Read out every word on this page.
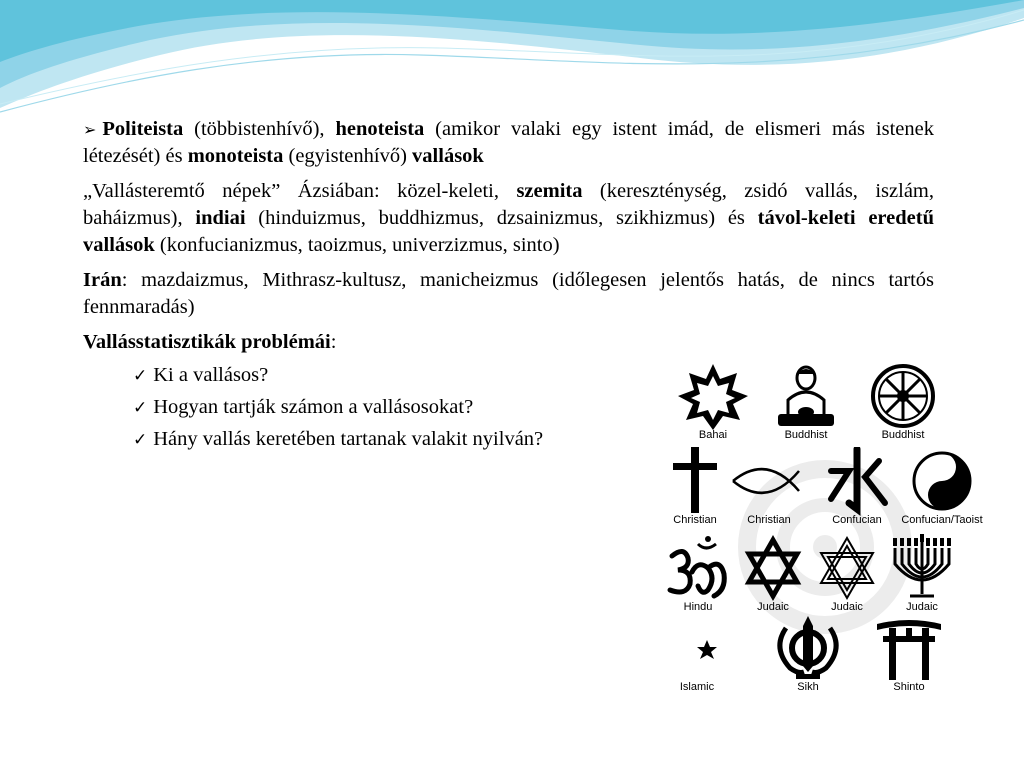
➢ Politeista (többistenhívő), henoteista (amikor valaki egy istent imád, de elismeri más istenek létezését) és monoteista (egyistenhívő) vallások

„Vallásteremtő népek” Ázsiában: közel-keleti, szemita (kereszténység, zsidó vallás, iszlám, baháizmus), indiai (hinduizmus, buddhizmus, dzsainizmus, szikhizmus) és távol-keleti eredetű vallások (konfucianizmus, taoizmus, univerzizmus, sinto)

Irán: mazdaizmus, Mithrasz-kultusz, manicheizmus (időlegesen jelentős hatás, de nincs tartós fennmaradás)

Vallásstatisztikák problémái:

✓ Ki a vallásos?
✓ Hogyan tartják számon a vallásosokat?
✓ Hány vallás keretében tartanak valakit nyilván?	Bahai	Buddhist	Buddhist
Christian	Christian	Confucian	Confucian/Taoist
Hindu	Judaic	Judaic	Judaic
Islamic	Sikh	Shinto
